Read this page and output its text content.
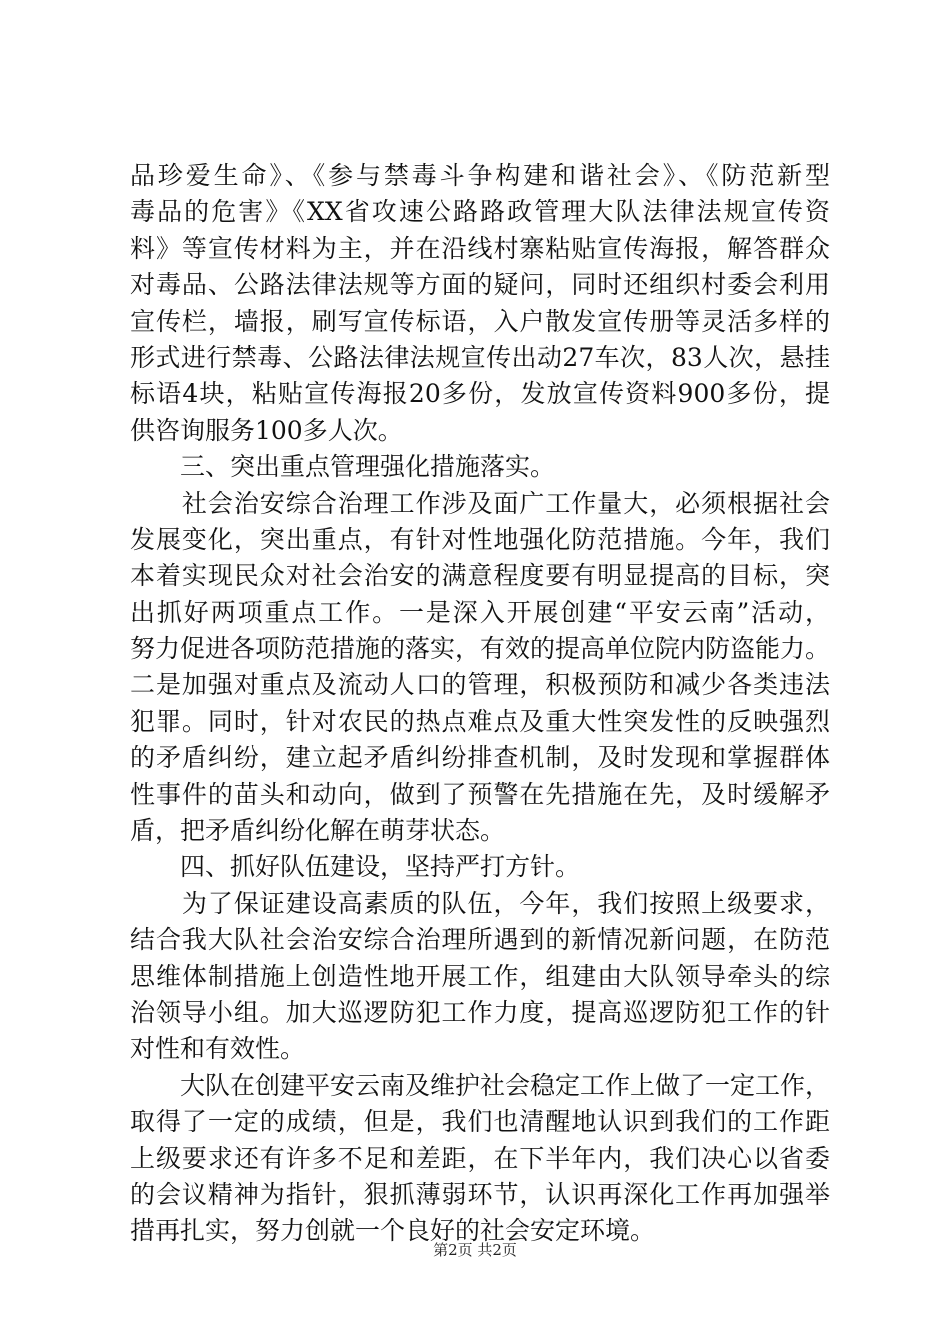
品珍爱生命》、《参与禁毒斗争构建和谐社会》、《防范新型
毒品的危害》《XX省攻速公路路政管理大队法律法规宣传资
料》等宣传材料为主，并在沿线村寨粘贴宣传海报，解答群众
对毒品、公路法律法规等方面的疑问，同时还组织村委会利用
宣传栏，墙报，刷写宣传标语，入户散发宣传册等灵活多样的
形式进行禁毒、公路法律法规宣传出动27车次，83人次，悬挂
标语4块，粘贴宣传海报20多份，发放宣传资料900多份，提
供咨询服务100多人次。
　　三、突出重点管理强化措施落实。
　　社会治安综合治理工作涉及面广工作量大，必须根据社会
发展变化，突出重点，有针对性地强化防范措施。今年，我们
本着实现民众对社会治安的满意程度要有明显提高的目标，突
出抓好两项重点工作。一是深入开展创建“平安云南”活动，
努力促进各项防范措施的落实，有效的提高单位院内防盗能力。
二是加强对重点及流动人口的管理，积极预防和减少各类违法
犯罪。同时，针对农民的热点难点及重大性突发性的反映强烈
的矛盾纠纷，建立起矛盾纠纷排查机制，及时发现和掌握群体
性事件的苗头和动向，做到了预警在先措施在先，及时缓解矛
盾，把矛盾纠纷化解在萌芽状态。
　　四、抓好队伍建设，坚持严打方针。
　　为了保证建设高素质的队伍，今年，我们按照上级要求，
结合我大队社会治安综合治理所遇到的新情况新问题，在防范
思维体制措施上创造性地开展工作，组建由大队领导牵头的综
治领导小组。加大巡逻防犯工作力度，提高巡逻防犯工作的针
对性和有效性。
　　大队在创建平安云南及维护社会稳定工作上做了一定工作，
取得了一定的成绩，但是，我们也清醒地认识到我们的工作距
上级要求还有许多不足和差距，在下半年内，我们决心以省委
的会议精神为指针，狠抓薄弱环节，认识再深化工作再加强举
措再扎实，努力创就一个良好的社会安定环境。
第2页 共2页
